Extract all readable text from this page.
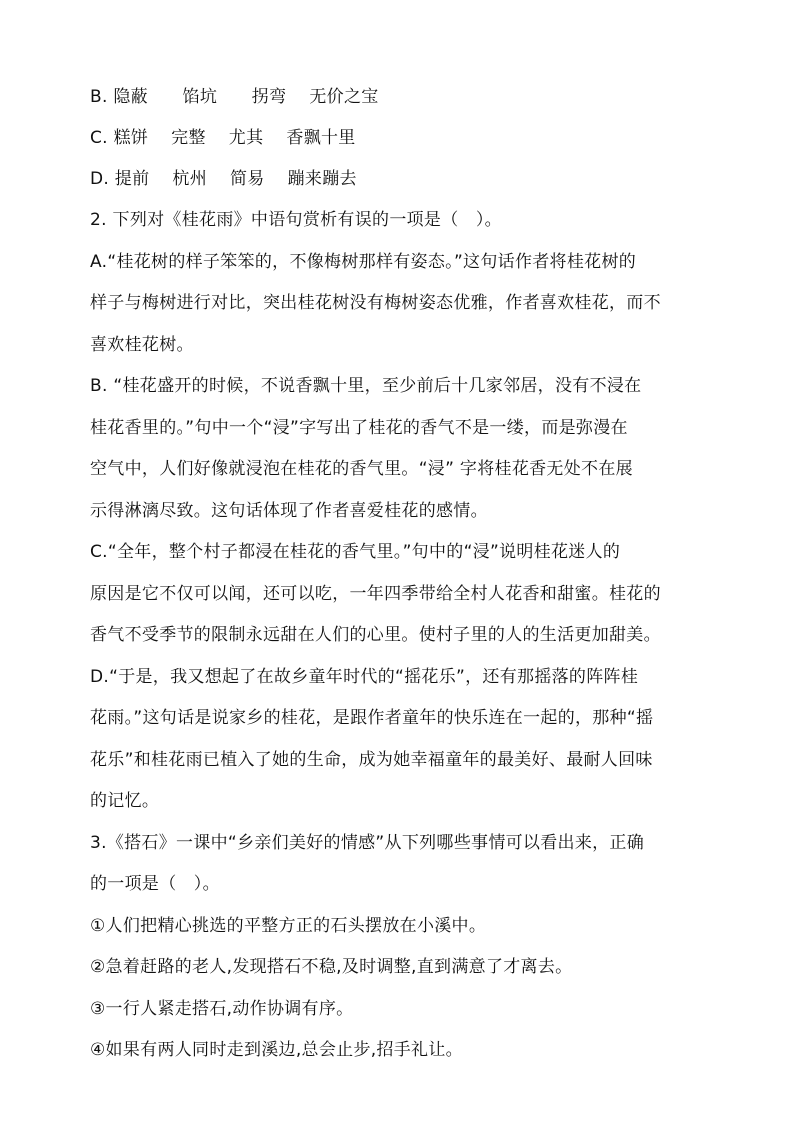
B. 隐蔽　　馅坑　　拐弯　 无价之宝
C. 糕饼　 完整　 尤其　 香飘十里
D. 提前　 杭州　 简易　 蹦来蹦去
2. 下列对《桂花雨》中语句赏析有误的一项是（　）。
A.“桂花树的样子笨笨的，不像梅树那样有姿态。”这句话作者将桂花树的
样子与梅树进行对比，突出桂花树没有梅树姿态优雅，作者喜欢桂花，而不
喜欢桂花树。
B. “桂花盛开的时候，不说香飘十里，至少前后十几家邻居，没有不浸在
桂花香里的。”句中一个“浸”字写出了桂花的香气不是一缕，而是弥漫在
空气中，人们好像就浸泡在桂花的香气里。“浸” 字将桂花香无处不在展
示得淋漓尽致。这句话体现了作者喜爱桂花的感情。
C.“全年，整个村子都浸在桂花的香气里。”句中的“浸”说明桂花迷人的
原因是它不仅可以闻，还可以吃，一年四季带给全村人花香和甜蜜。桂花的
香气不受季节的限制永远甜在人们的心里。使村子里的人的生活更加甜美。
D.“于是，我又想起了在故乡童年时代的“摇花乐”，还有那摇落的阵阵桂
花雨。”这句话是说家乡的桂花，是跟作者童年的快乐连在一起的，那种“摇
花乐”和桂花雨已植入了她的生命，成为她幸福童年的最美好、最耐人回味
的记忆。
3.《搭石》一课中“乡亲们美好的情感”从下列哪些事情可以看出来，正确
的一项是（　）。
①人们把精心挑选的平整方正的石头摆放在小溪中。
②急着赶路的老人,发现搭石不稳,及时调整,直到满意了才离去。
③一行人紧走搭石,动作协调有序。
④如果有两人同时走到溪边,总会止步,招手礼让。
